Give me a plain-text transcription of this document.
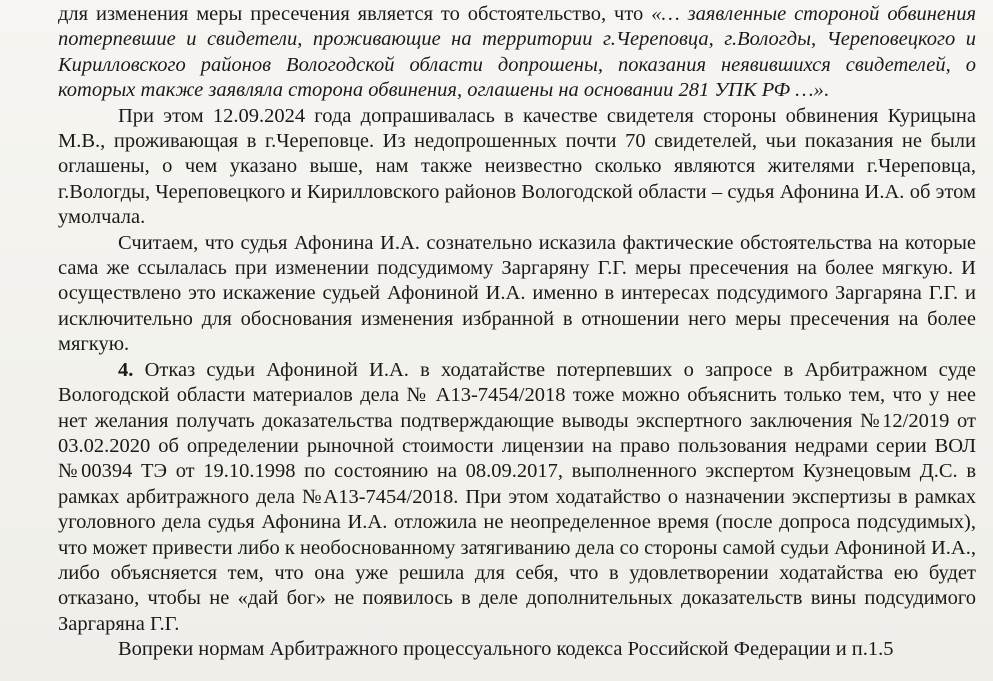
для изменения меры пресечения является то обстоятельство, что «… заявленные стороной обвинения потерпевшие и свидетели, проживающие на территории г.Череповца, г.Вологды, Череповецкого и Кирилловского районов Вологодской области допрошены, показания неявившихся свидетелей, о которых также заявляла сторона обвинения, оглашены на основании 281 УПК РФ …».

При этом 12.09.2024 года допрашивалась в качестве свидетеля стороны обвинения Курицына М.В., проживающая в г.Череповце. Из недопрошенных почти 70 свидетелей, чьи показания не были оглашены, о чем указано выше, нам также неизвестно сколько являются жителями г.Череповца, г.Вологды, Череповецкого и Кирилловского районов Вологодской области – судья Афонина И.А. об этом умолчала.

Считаем, что судья Афонина И.А. сознательно исказила фактические обстоятельства на которые сама же ссылалась при изменении подсудимому Заргаряну Г.Г. меры пресечения на более мягкую. И осуществлено это искажение судьей Афониной И.А. именно в интересах подсудимого Заргаряна Г.Г. и исключительно для обоснования изменения избранной в отношении него меры пресечения на более мягкую.

4. Отказ судьи Афониной И.А. в ходатайстве потерпевших о запросе в Арбитражном суде Вологодской области материалов дела № А13-7454/2018 тоже можно объяснить только тем, что у нее нет желания получать доказательства подтверждающие выводы экспертного заключения №12/2019 от 03.02.2020 об определении рыночной стоимости лицензии на право пользования недрами серии ВОЛ №00394 ТЭ от 19.10.1998 по состоянию на 08.09.2017, выполненного экспертом Кузнецовым Д.С. в рамках арбитражного дела №А13-7454/2018. При этом ходатайство о назначении экспертизы в рамках уголовного дела судья Афонина И.А. отложила не неопределенное время (после допроса подсудимых), что может привести либо к необоснованному затягиванию дела со стороны самой судьи Афониной И.А., либо объясняется тем, что она уже решила для себя, что в удовлетворении ходатайства ею будет отказано, чтобы не «дай бог» не появилось в деле дополнительных доказательств вины подсудимого Заргаряна Г.Г.

Вопреки нормам Арбитражного процессуального кодекса Российской Федерации и п.1.5
